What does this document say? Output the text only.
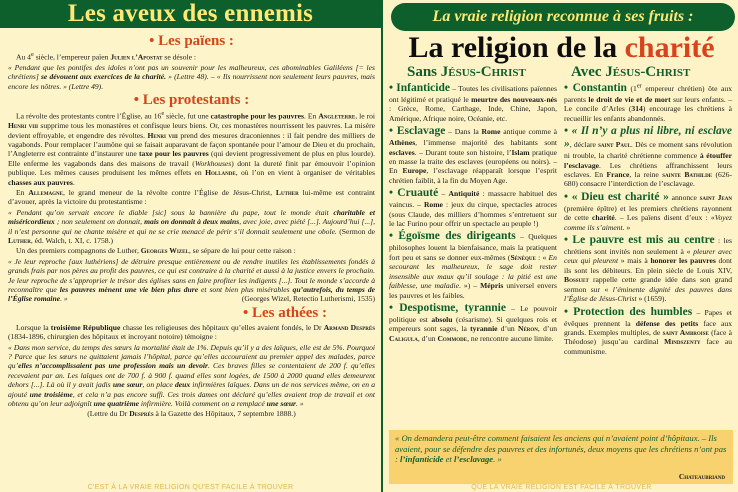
Les aveux des ennemis
• Les païens :

Au 4e siècle, l’empereur païen Julien l’Apostat se désole :

« Pendant que les pontifes des idoles n’ont pas un souvenir pour les malheureux, ces abominables Galiléens [= les chrétiens] se dévouent aux exercices de la charité. » (Lettre 48). – « Ils nourrissent non seulement leurs pauvres, mais encore les nôtres. » (Lettre 49).

• Les protestants :

La révolte des protestants contre l’Église, au 16e siècle, fut une catastrophe pour les pauvres. En Angleterre, le roi Henri viii supprime tous les monastères et confisque leurs biens. Or, ces monastères nourrissent les pauvres. La misère devient effroyable, et engendre des révoltes. Henri viii prend des mesures draconiennes : il fait pendre des milliers de vagabonds. Pour remplacer l’aumône qui se faisait auparavant de façon spontanée pour l’amour de Dieu et du prochain, l’Angleterre est contrainte d’instaurer une taxe pour les pauvres (qui devient progressivement de plus en plus lourde). Elle enferme les vagabonds dans des maisons de travail (Workhouses) dont la dureté finit par émouvoir l’opinion publique. Les mêmes causes produisent les mêmes effets en Hollande, où l’on en vient à organiser de véritables chasses aux pauvres.

En Allemagne, le grand meneur de la révolte contre l’Église de Jésus-Christ, Luther lui-même est contraint d’avouer, après la victoire du protestantisme :

« Pendant qu’on servait encore le diable [sic] sous la bannière du pape, tout le monde était charitable et miséricordieux ; non seulement on donnait, mais on donnait à deux mains, avec joie, avec piété [...]. Aujourd’hui [...], il n’est personne qui ne chante misère et qui ne se crie menacé de périr s’il donnait seulement une obole. (Sermon de Luther, éd. Walch, t. XI, c. 1758.)

Un des premiers compagnons de Luther, Georges Wizel, se sépare de lui pour cette raison :

« Je leur reproche [aux luthériens] de détruire presque entièrement ou de rendre inutiles les établissements fondés à grands frais par nos pères au profit des pauvres, ce qui est contraire à la charité et aussi à la justice envers le prochain. Je leur reproche de s’approprier le trésor des églises sans en faire profiter les indigents [...]. Tout le monde s’accorde à reconnaître que les pauvres mènent une vie bien plus dure et sont bien plus misérables qu’autrefois, du temps de l’Église romaine. »	(Georges Wizel, Retectio Lutherismi, 1535)

• Les athées :

Lorsque la troisième République chasse les religieuses des hôpitaux qu’elles avaient fondés, le Dr Armand Després (1834-1896, chirurgien des hôpitaux et incroyant notoire) témoigne :

« Dans mon service, du temps des sœurs la mortalité était de 1%. Depuis qu’il y a des laïques, elle est de 5%. Pourquoi ? Parce que les sœurs ne quittaient jamais l’hôpital, parce qu’elles accouraient au premier appel des malades, parce qu’elles n’accomplissaient pas une profession mais un devoir. Ces braves filles se contentaient de 200 f. qu’elles recevaient par an. Les laïques ont de 700 f. à 900 f. quand elles sont logées, de 1500 à 2000 quand elles demeurent dehors [...]. Là où il y avait jadis une sœur, on place deux infirmières laïques. Dans un de nos services même, on en a ajouté une troisième, et cela n’a pas encore suffi. Ces trois dames ont déclaré qu’elles avaient trop de travail et ont obtenu qu’on leur adjoignît une quatrième infirmière. Voilà comment on a remplacé une sœur. »

(Lettre du Dr Després à la Gazette des Hôpitaux, 7 septembre 1888.)

C'EST À LA VRAIE RELIGION QU'EST FACILE À TROUVER
La vraie religion reconnue à ses fruits :
La religion de la charité
Sans Jésus-Christ	Avec Jésus-Christ

• Infanticide – Toutes les civilisations païennes ont légitimé et pratiqué le meurtre des nouveaux-nés : Grèce, Rome, Carthage, Inde, Chine, Japon, Amérique, Afrique noire, Océanie, etc.

• Esclavage – Dans la Rome antique comme à Athènes, l’immense majorité des habitants sont esclaves. – Durant toute son histoire, l’Islam pratique en masse la traite des esclaves (européens ou noirs). – En Europe, l’esclavage réapparaît lorsque l’esprit chrétien faiblit, à la fin du Moyen Age.

• Cruauté – Antiquité : massacre habituel des vaincus. – Rome : jeux du cirque, spectacles atroces (sous Claude, des milliers d’hommes s’entretuent sur le lac Furino pour offrir un spectacle au peuple !)

• Égoïsme des dirigeants – Quelques philosophes louent la bienfaisance, mais la pratiquent fort peu et sans se donner eux-mêmes (Sénèque : « En secourant les malheureux, le sage doit rester insensible aux maux qu’il soulage : la pitié est une faiblesse, une maladie. ») – Mépris universel envers les pauvres et les faibles.

• Despotisme, tyrannie – Le pouvoir politique est absolu (césarisme). Si quelques rois et empereurs sont sages, la tyrannie d’un Néron, d’un Caligula, d’un Commode, ne rencontre aucune limite.

• Constantin (1er empereur chrétien) ôte aux parents le droit de vie et de mort sur leurs enfants. – Le concile d’Arles (314) encourage les chrétiens à recueillir les enfants abandonnés.

• « Il n’y a plus ni libre, ni esclave », déclare saint Paul. Dès ce moment sans révolution ni trouble, la charité chrétienne commence à étouffer l’esclavage. Les chrétiens affranchissent leurs esclaves. En France, la reine sainte Bathilde (626-680) consacre l’interdiction de l’esclavage.

• « Dieu est charité » annonce saint Jean (première épître) et les premiers chrétiens rayonnent de cette charité. – Les païens disent d’eux : «Voyez comme ils s’aiment. »

• Le pauvre est mis au centre : les chrétiens sont invités non seulement à « pleurer avec ceux qui pleurent » mais à honorer les pauvres dont ils sont les débiteurs. En plein siècle de Louis XIV, Bossuet rappelle cette grande idée dans son grand sermon sur « l’éminente dignité des pauvres dans l’Église de Jésus-Christ » (1659).

• Protection des humbles – Papes et évêques prennent la défense des petits face aux grands. Exemples multiples, de saint Ambroise (face à Théodose) jusqu’au cardinal Mindszenty face au communisme.

« On demandera peut-être comment faisaient les anciens qui n’avaient point d’hôpitaux. – Ils avaient, pour se défendre des pauvres et des infortunés, deux moyens que les chrétiens n’ont pas : l’infanticide et l’esclavage. »
Chateaubriand
QUE LA VRAIE RELIGION EST FACILE À TROUVER
